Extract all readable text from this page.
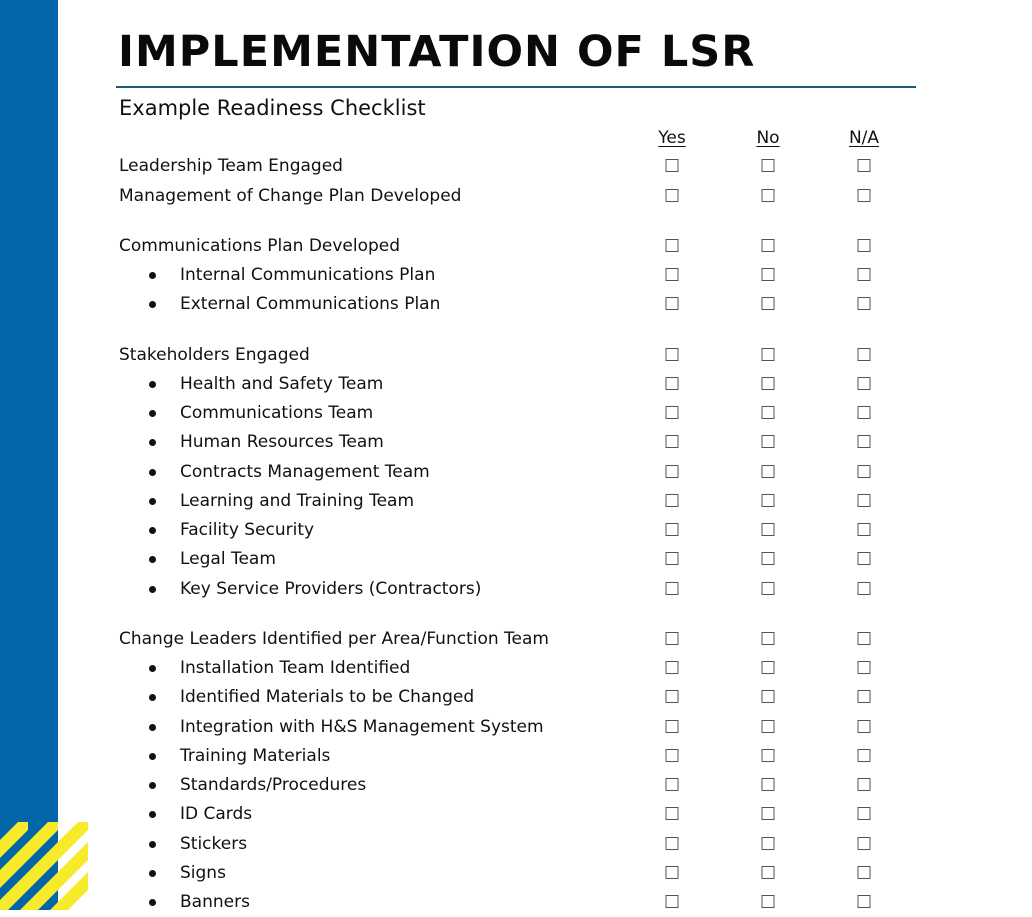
IMPLEMENTATION OF LSR
Example Readiness Checklist
Yes	No	N/A
Leadership Team Engaged
Management of Change Plan Developed
Communications Plan Developed
Internal Communications Plan
External Communications Plan
Stakeholders Engaged
Health and Safety Team
Communications Team
Human Resources Team
Contracts Management Team
Learning and Training Team
Facility Security
Legal Team
Key Service Providers (Contractors)
Change Leaders Identified per Area/Function Team
Installation Team Identified
Identified Materials to be Changed
Integration with H&S Management System
Training Materials
Standards/Procedures
ID Cards
Stickers
Signs
Banners
